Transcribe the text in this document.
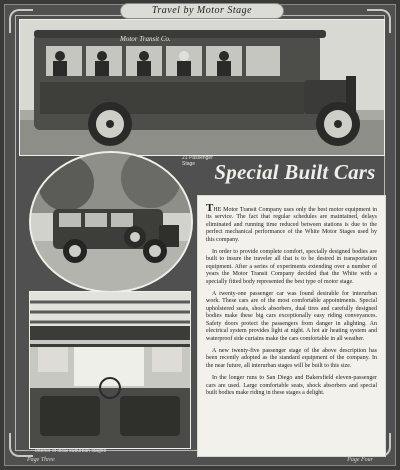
Travel by Motor Stage
Motor Transit Co.
21 Passenger Stage
Interior of local suburban stages
Special Built Cars

THE Motor Transit Company uses only the best motor equipment in its service. The fact that regular schedules are maintained, delays eliminated and running time reduced between stations is due to the perfect mechanical performance of the White Motor Stages used by this company.

In order to provide complete comfort, specially designed bodies are built to insure the traveler all that is to be desired in transportation equipment. After a series of experiments extending over a number of years the Motor Transit Company decided that the White with a specially fitted body represented the best type of motor stage.

A twenty-one passenger car was found desirable for interurban work. These cars are of the most comfortable appointments. Special upholstered seats, shock absorbers, dual tires and carefully designed bodies make these big cars exceptionally easy riding conveyances. Safety doors protect the passengers from danger in alighting. An electrical system provides light at night. A hot air heating system and waterproof side curtains make the cars comfortable in all weather.

A new twenty-five passenger stage of the above description has been recently adopted as the standard equipment of the company. In the near future, all interurban stages will be built to this size.

In the longer runs to San Diego and Bakersfield eleven-passenger cars are used. Large comfortable seats, shock absorbers and special built bodies make riding in these stages a delight.

Page Three	Page Four
